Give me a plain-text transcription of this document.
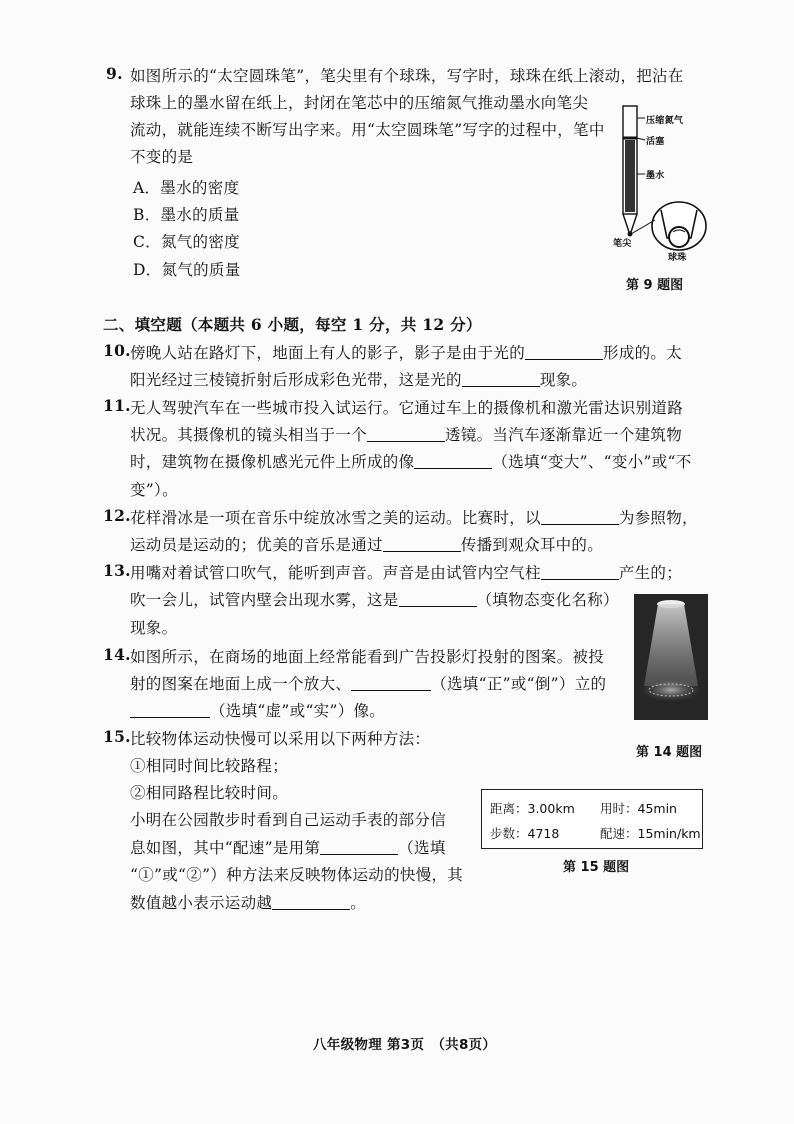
9. 如图所示的“太空圆珠笔”，笔尖里有个球珠，写字时，球珠在纸上滚动，把沾在
球珠上的墨水留在纸上，封闭在笔芯中的压缩氮气推动墨水向笔尖
流动，就能连续不断写出字来。用“太空圆珠笔”写字的过程中，笔中
不变的是
A．墨水的密度
B．墨水的质量
C．氮气的密度
D．氮气的质量
压缩氮气
活塞
墨水
笔尖
球珠
第 9 题图
二、填空题（本题共 6 小题，每空 1 分，共 12 分）
10. 傍晚人站在路灯下，地面上有人的影子，影子是由于光的	形成的。太
阳光经过三棱镜折射后形成彩色光带，这是光的	现象。
11. 无人驾驶汽车在一些城市投入试运行。它通过车上的摄像机和激光雷达识别道路
状况。其摄像机的镜头相当于一个	透镜。当汽车逐渐靠近一个建筑物
时，建筑物在摄像机感光元件上所成的像	（选填“变大”、“变小”或“不
变”）。
12. 花样滑冰是一项在音乐中绽放冰雪之美的运动。比赛时，以	为参照物，
运动员是运动的；优美的音乐是通过	传播到观众耳中的。
13. 用嘴对着试管口吹气，能听到声音。声音是由试管内空气柱	产生的；
吹一会儿，试管内壁会出现水雾，这是	（填物态变化名称）
现象。
14. 如图所示，在商场的地面上经常能看到广告投影灯投射的图案。被投
射的图案在地面上成一个放大、	（选填“正”或“倒”）立的
（选填“虚”或“实”）像。
第 14 题图
15. 比较物体运动快慢可以采用以下两种方法：
①相同时间比较路程；
②相同路程比较时间。
小明在公园散步时看到自己运动手表的部分信
息如图，其中“配速”是用第	（选填
“①”或“②”）种方法来反映物体运动的快慢，其
数值越小表示运动越	。
距离：3.00km 用时：45min
步数：4718	配速：15min/km
第 15 题图
八年级物理 第3页　（共8页）
